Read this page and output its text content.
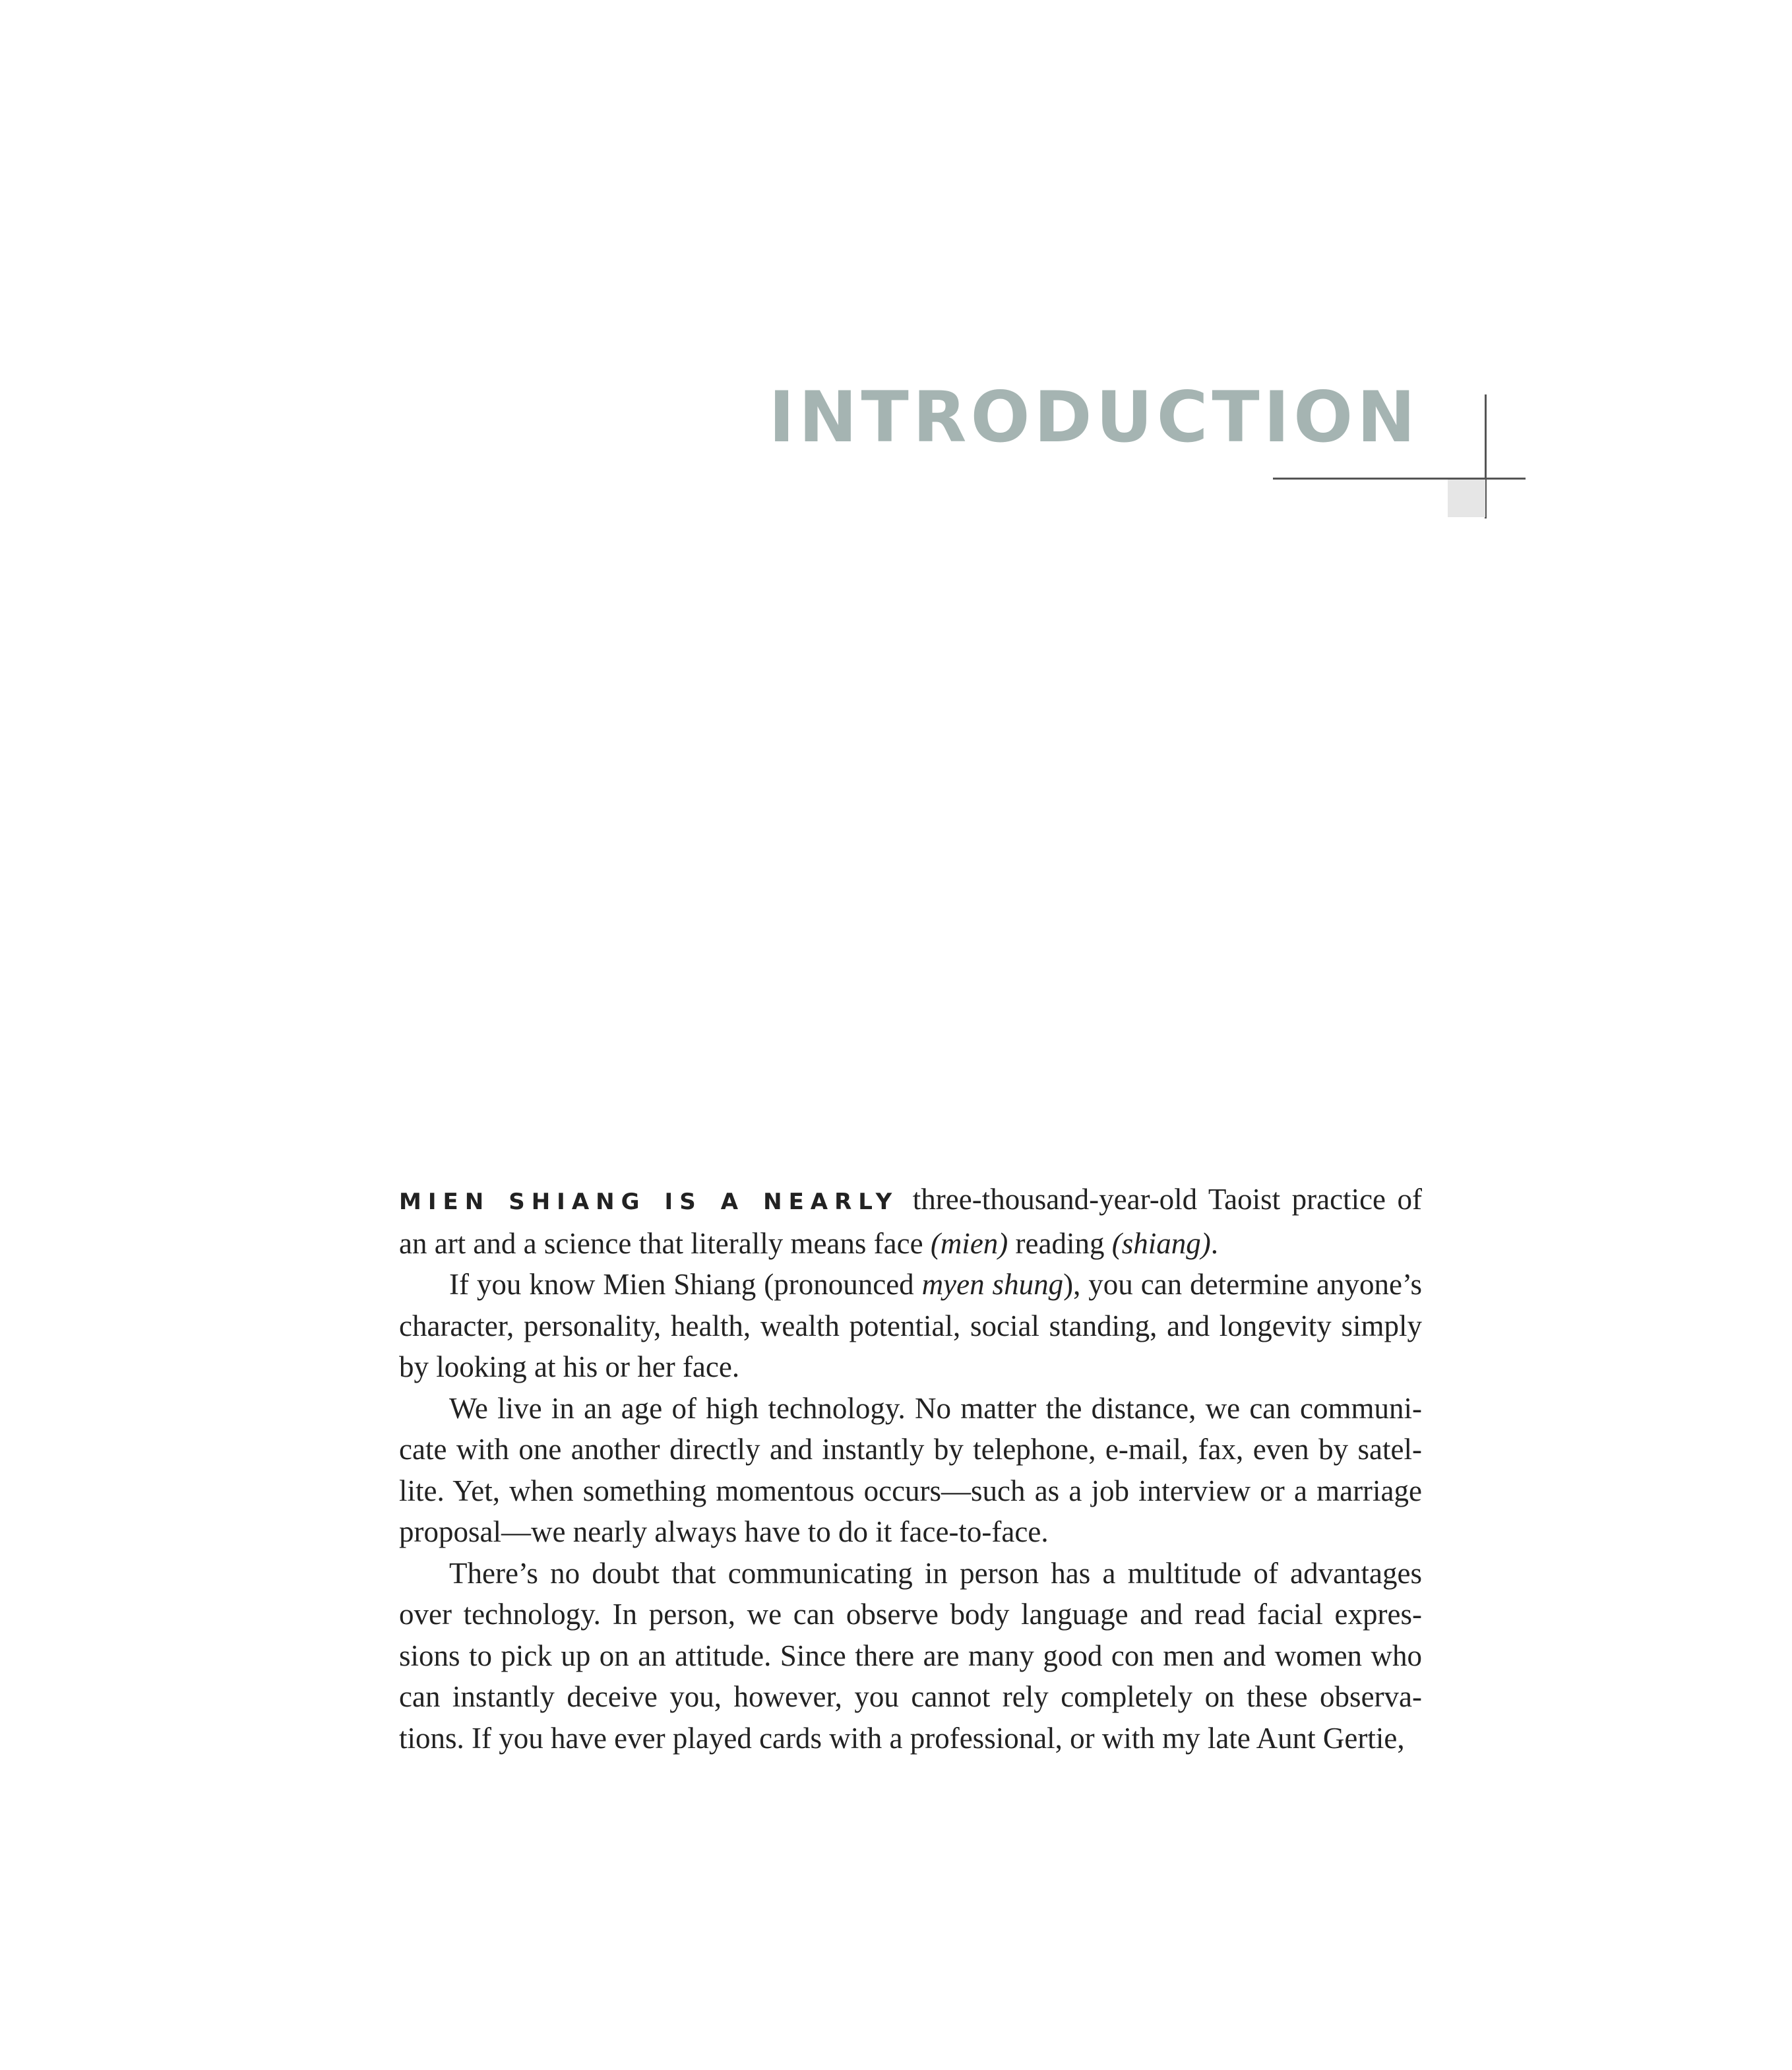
INTRODUCTION

MIEN SHIANG IS A NEARLY three-thousand-year-old Taoist practice of an art and a science that literally means face (mien) reading (shiang).

If you know Mien Shiang (pronounced myen shung), you can determine anyone’s character, personality, health, wealth potential, social standing, and longevity simply by looking at his or her face.

We live in an age of high technology. No matter the distance, we can communi-cate with one another directly and instantly by telephone, e-mail, fax, even by satel-lite. Yet, when something momentous occurs—such as a job interview or a marriage proposal—we nearly always have to do it face-to-face.

There’s no doubt that communicating in person has a multitude of advantages over technology. In person, we can observe body language and read facial expres-sions to pick up on an attitude. Since there are many good con men and women who can instantly deceive you, however, you cannot rely completely on these observa-tions. If you have ever played cards with a professional, or with my late Aunt Gertie,
